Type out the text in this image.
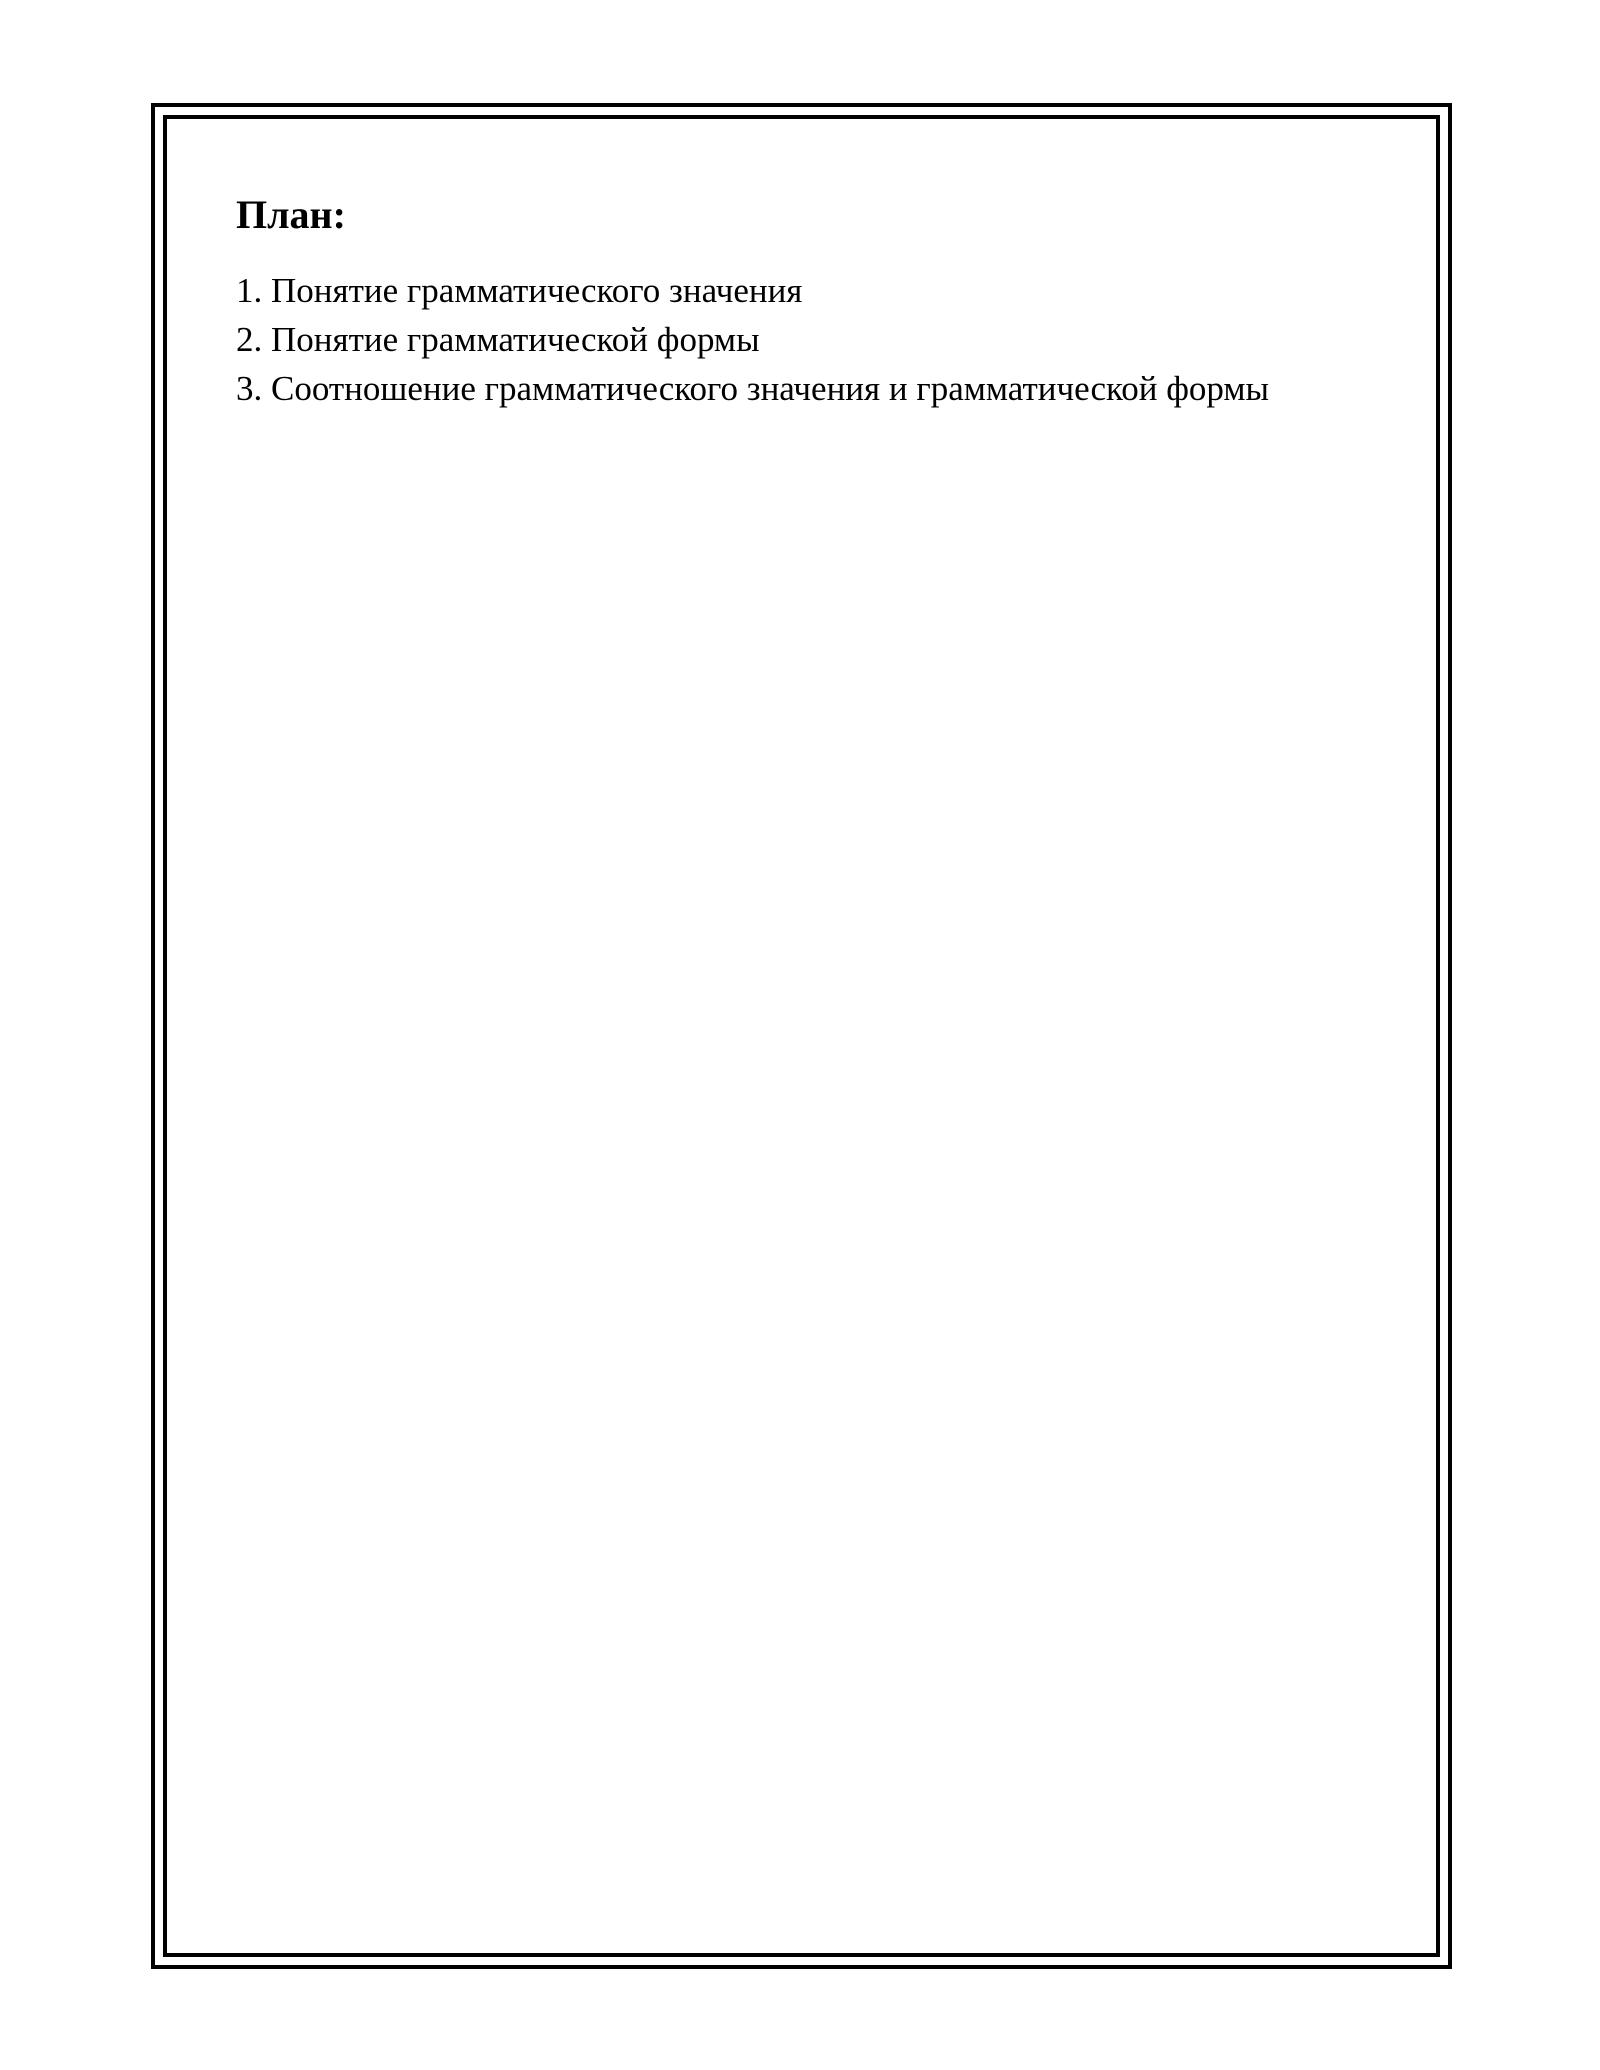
План:
1. Понятие грамматического значения
2. Понятие грамматической формы
3. Соотношение грамматического значения и грамматической формы
